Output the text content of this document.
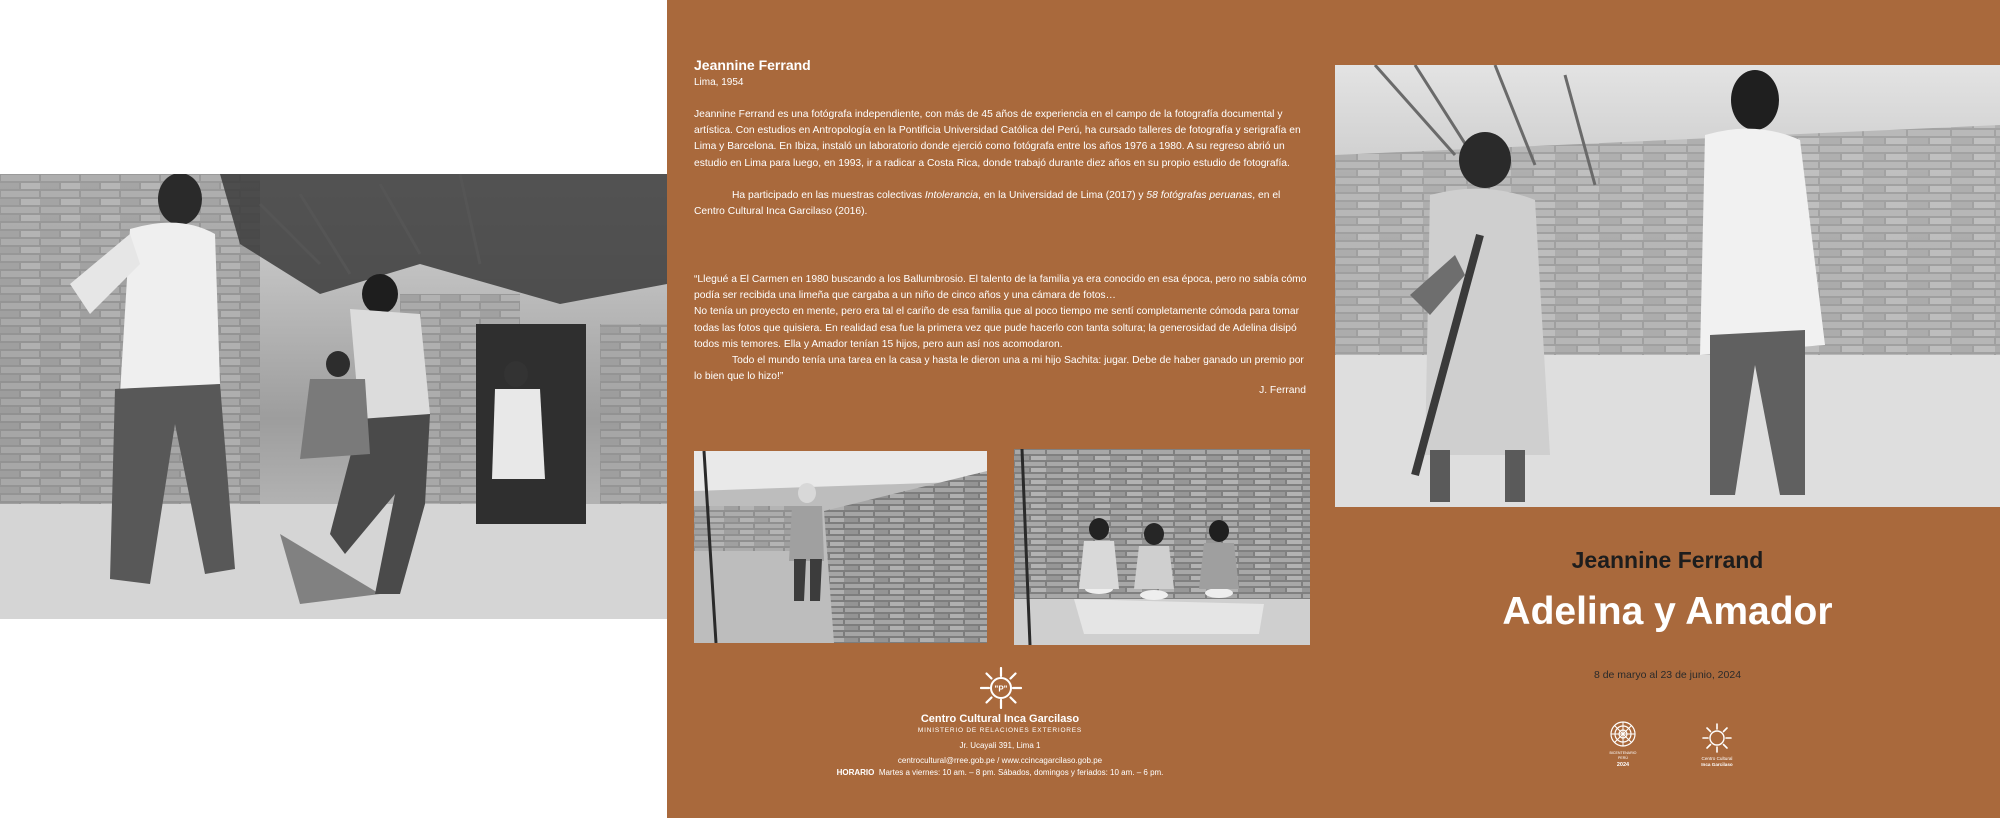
Jeannine Ferrand
Lima, 1954

Jeannine Ferrand es una fotógrafa independiente, con más de 45 años de experiencia en el campo de la fotografía documental y artística. Con estudios en Antropología en la Pontificia Universidad Católica del Perú, ha cursado talleres de fotografía y serigrafía en Lima y Barcelona. En Ibiza, instaló un laboratorio donde ejerció como fotógrafa entre los años 1976 a 1980. A su regreso abrió un estudio en Lima para luego, en 1993, ir a radicar a Costa Rica, donde trabajó durante diez años en su propio estudio de fotografía.

Ha participado en las muestras colectivas Intolerancia, en la Universidad de Lima (2017) y 58 fotógrafas peruanas, en el Centro Cultural Inca Garcilaso (2016).

“Llegué a El Carmen en 1980 buscando a los Ballumbrosio. El talento de la familia ya era conocido en esa época, pero no sabía cómo podía ser recibida una limeña que cargaba a un niño de cinco años y una cámara de fotos…
No tenía un proyecto en mente, pero era tal el cariño de esa familia que al poco tiempo me sentí completamente cómoda para tomar todas las fotos que quisiera. En realidad esa fue la primera vez que pude hacerlo con tanta soltura; la generosidad de Adelina disipó todos mis temores. Ella y Amador tenían 15 hijos, pero aun así nos acomodaron.

Todo el mundo tenía una tarea en la casa y hasta le dieron una a mi hijo Sachita: jugar. Debe de haber ganado un premio por lo bien que lo hizo!”

J. Ferrand
"P"
Centro Cultural Inca Garcilaso
MINISTERIO DE RELACIONES EXTERIORES
Jr. Ucayali 391, Lima 1
centrocultural@rree.gob.pe / www.ccincagarcilaso.gob.pe
HORARIO Martes a viernes: 10 am. – 8 pm. Sábados, domingos y feriados: 10 am. – 6 pm.
Jeannine Ferrand
Adelina y Amador
8 de maryo al 23 de junio, 2024
BICENTENARIO
PERÚ
2024
Centro Cultural
Inca Garcilaso
